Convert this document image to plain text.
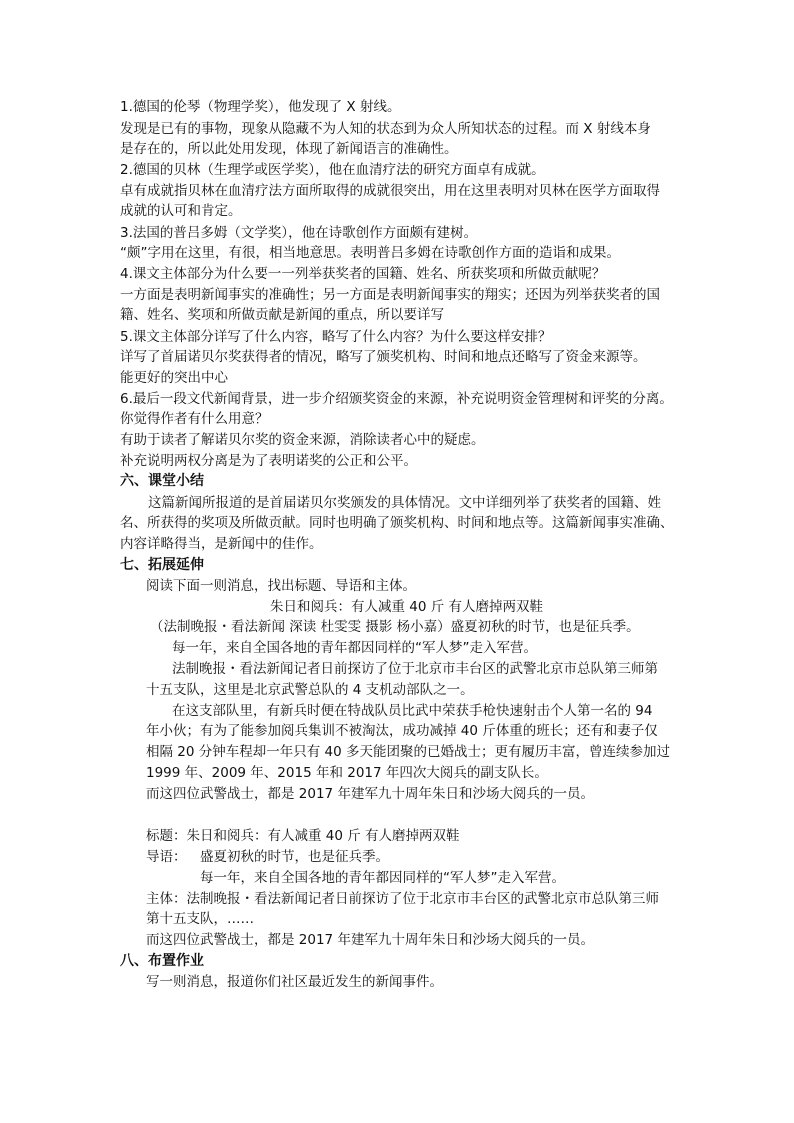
1.德国的伦琴（物理学奖），他发现了 X 射线。
发现是已有的事物，现象从隐藏不为人知的状态到为众人所知状态的过程。而 X 射线本身
是存在的，所以此处用发现，体现了新闻语言的准确性。
2.德国的贝林（生理学或医学奖），他在血清疗法的研究方面卓有成就。
卓有成就指贝林在血清疗法方面所取得的成就很突出，用在这里表明对贝林在医学方面取得
成就的认可和肯定。
3.法国的普吕多姆（文学奖），他在诗歌创作方面颇有建树。
“颇”字用在这里，有很，相当地意思。表明普吕多姆在诗歌创作方面的造诣和成果。
4.课文主体部分为什么要一一列举获奖者的国籍、姓名、所获奖项和所做贡献呢？
一方面是表明新闻事实的准确性；另一方面是表明新闻事实的翔实；还因为列举获奖者的国
籍、姓名、奖项和所做贡献是新闻的重点，所以要详写
5.课文主体部分详写了什么内容，略写了什么内容？为什么要这样安排？
详写了首届诺贝尔奖获得者的情况，略写了颁奖机构、时间和地点还略写了资金来源等。
能更好的突出中心
6.最后一段文代新闻背景，进一步介绍颁奖资金的来源，补充说明资金管理树和评奖的分离。
你觉得作者有什么用意？
有助于读者了解诺贝尔奖的资金来源，消除读者心中的疑虑。
补充说明两权分离是为了表明诺奖的公正和公平。
六、课堂小结
这篇新闻所报道的是首届诺贝尔奖颁发的具体情况。文中详细列举了获奖者的国籍、姓
名、所获得的奖项及所做贡献。同时也明确了颁奖机构、时间和地点等。这篇新闻事实准确、
内容详略得当，是新闻中的佳作。
七、拓展延伸
阅读下面一则消息，找出标题、导语和主体。
朱日和阅兵：有人减重 40 斤 有人磨掉两双鞋
（法制晚报・看法新闻 深读 杜雯雯 摄影 杨小嘉）盛夏初秋的时节，也是征兵季。
每一年，来自全国各地的青年都因同样的“军人梦”走入军营。
法制晚报・看法新闻记者日前探访了位于北京市丰台区的武警北京市总队第三师第
十五支队，这里是北京武警总队的 4 支机动部队之一。
在这支部队里，有新兵时便在特战队员比武中荣获手枪快速射击个人第一名的 94
年小伙；有为了能参加阅兵集训不被淘汰，成功减掉 40 斤体重的班长；还有和妻子仅
相隔 20 分钟车程却一年只有 40 多天能团聚的已婚战士；更有履历丰富，曾连续参加过
1999 年、2009 年、2015 年和 2017 年四次大阅兵的副支队长。
而这四位武警战士，都是 2017 年建军九十周年朱日和沙场大阅兵的一员。
标题：朱日和阅兵：有人减重 40 斤 有人磨掉两双鞋
导语： 盛夏初秋的时节，也是征兵季。
每一年，来自全国各地的青年都因同样的“军人梦”走入军营。
主体：法制晚报・看法新闻记者日前探访了位于北京市丰台区的武警北京市总队第三师
第十五支队，……
而这四位武警战士，都是 2017 年建军九十周年朱日和沙场大阅兵的一员。
八、布置作业
写一则消息，报道你们社区最近发生的新闻事件。
